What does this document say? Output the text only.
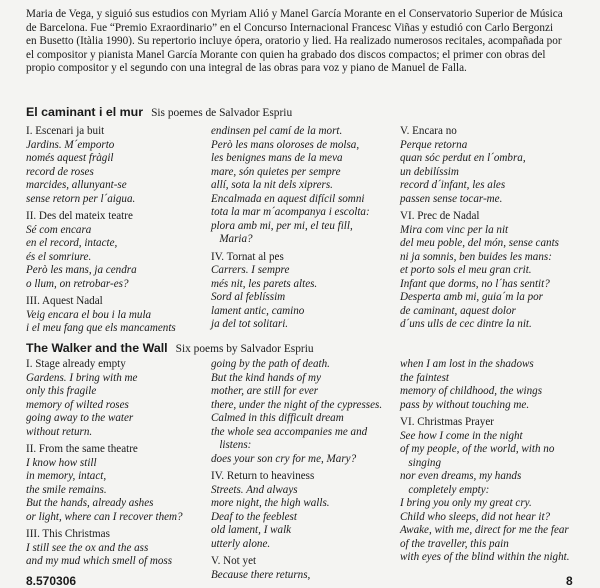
Maria de Vega, y siguió sus estudios con Myriam Alió y Manel García Morante en el Conservatorio Superior de Música
de Barcelona. Fue “Premio Exraordinario” en el Concurso Internacional Francesc Viñas y estudió con Carlo Bergonzi
en Busetto (Itàlia 1990). Su repertorio incluye ópera, oratorio y lied. Ha realizado numerosos recitales, acompañada por
el compositor y pianista Manel García Morante con quien ha grabado dos discos compactos; el primer con obras del
propio compositor y el segundo con una integral de las obras para voz y piano de Manuel de Falla.
El caminant i el mur Sis poemes de Salvador Espriu
I. Escenari ja buit
Jardins. M´emporto
només aquest fràgil
record de roses
marcides, allunyant-se
sense retorn per l´aigua.
II. Des del mateix teatre
Sé com encara
en el record, intacte,
és el somriure.
Però les mans, ja cendra
o llum, on retrobar-es?
III. Aquest Nadal
Veig encara el bou i la mula
i el meu fang que els mancaments
endinsen pel camí de la mort.
Però les mans oloroses de molsa,
les benignes mans de la meva
mare, són quietes per sempre
allí, sota la nit dels xiprers.
Encalmada en aquest difícil somni
tota la mar m´acompanya i escolta:
plora amb mi, per mi, el teu fill,
Maria?
IV. Tornat al pes
Carrers. I sempre
més nit, les parets altes.
Sord al feblíssim
lament antic, camino
ja del tot solitari.
V. Encara no
Perque retorna
quan sóc perdut en l´ombra,
un debilíssim
record d´infant, les ales
passen sense tocar-me.
VI. Prec de Nadal
Mira com vinc per la nit
del meu poble, del món, sense cants
ni ja somnis, ben buides les mans:
et porto sols el meu gran crit.
Infant que dorms, no l´has sentit?
Desperta amb mi, guia´m la por
de caminant, aquest dolor
d´uns ulls de cec dintre la nit.
The Walker and the Wall Six poems by Salvador Espriu
I. Stage already empty
Gardens. I bring with me
only this fragile
memory of wilted roses
going away to the water
without return.
II. From the same theatre
I know how still
in memory, intact,
the smile remains.
But the hands, already ashes
or light, where can I recover them?
III. This Christmas
I still see the ox and the ass
and my mud which smell of moss
going by the path of death.
But the kind hands of my
mother, are still for ever
there, under the night of the cypresses.
Calmed in this difficult dream
the whole sea accompanies me and
listens:
does your son cry for me, Mary?
IV. Return to heaviness
Streets. And always
more night, the high walls.
Deaf to the feeblest
old lament, I walk
utterly alone.
V. Not yet
Because there returns,
when I am lost in the shadows
the faintest
memory of childhood, the wings
pass by without touching me.
VI. Christmas Prayer
See how I come in the night
of my people, of the world, with no
singing
nor even dreams, my hands
completely empty:
I bring you only my great cry.
Child who sleeps, did not hear it?
Awake, with me, direct for me the fear
of the traveller, this pain
with eyes of the blind within the night.
8.570306	8
